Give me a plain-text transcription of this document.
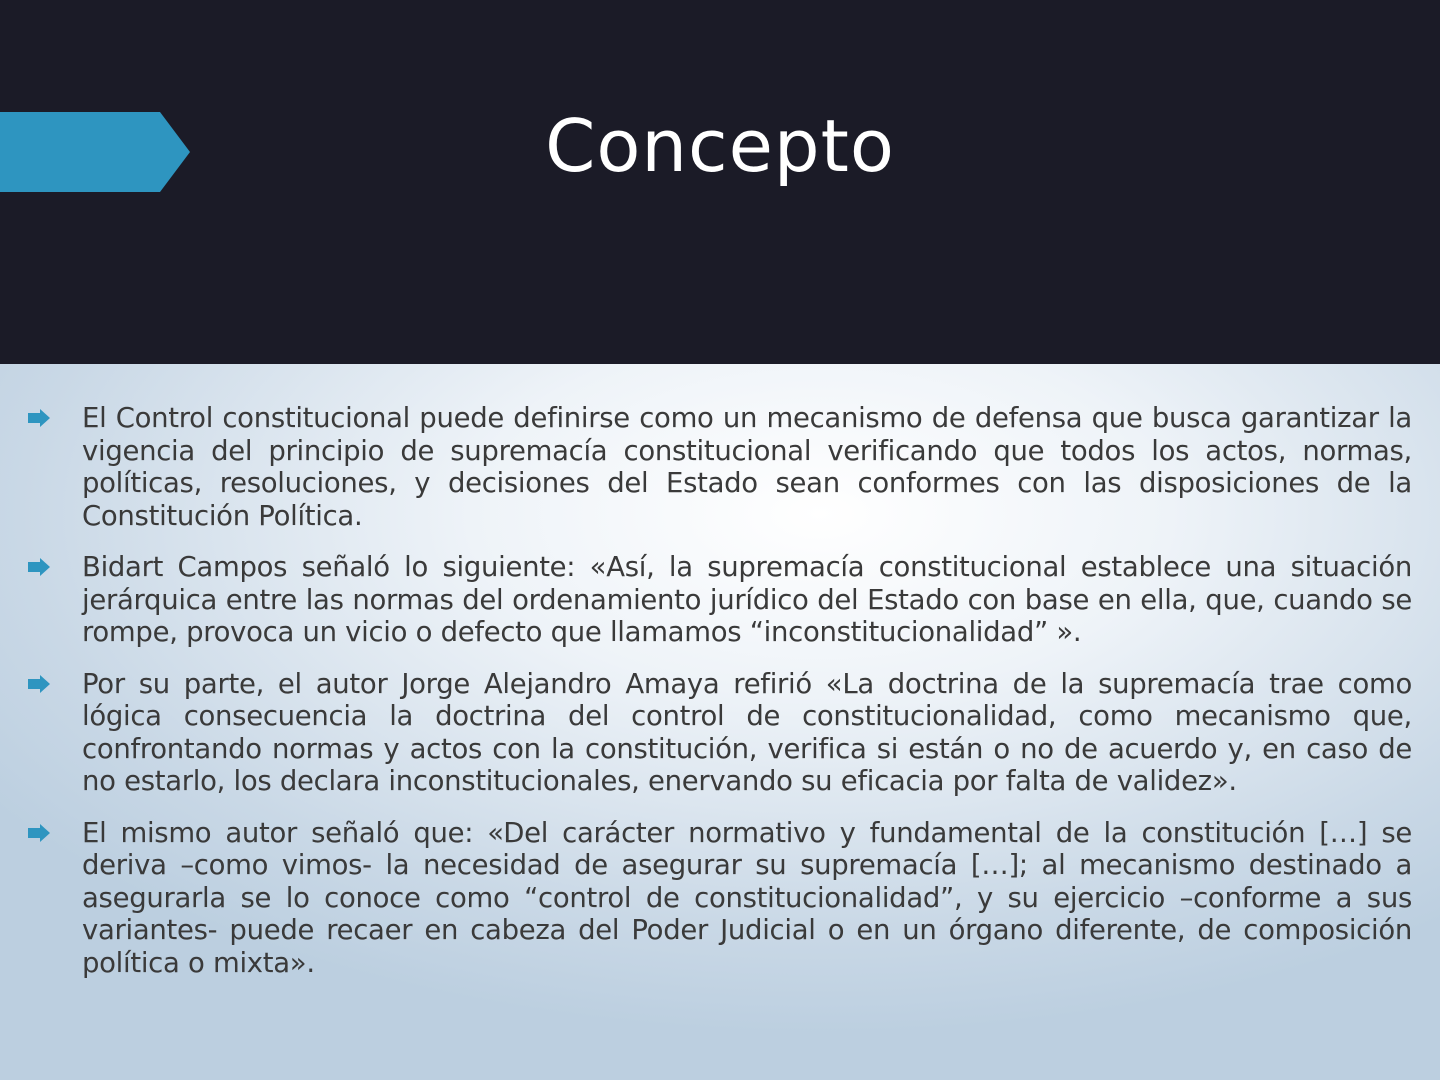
Concepto
El Control constitucional puede definirse como un mecanismo de defensa que busca garantizar la vigencia del principio de supremacía constitucional verificando que todos los actos, normas, políticas, resoluciones, y decisiones del Estado sean conformes con las disposiciones de la Constitución Política.
Bidart Campos señaló lo siguiente: «Así, la supremacía constitucional establece una situación jerárquica entre las normas del ordenamiento jurídico del Estado con base en ella, que, cuando se rompe, provoca un vicio o defecto que llamamos “inconstitucionalidad” ».
Por su parte, el autor Jorge Alejandro Amaya refirió «La doctrina de la supremacía trae como lógica consecuencia la doctrina del control de constitucionalidad, como mecanismo que, confrontando normas y actos con la constitución, verifica si están o no de acuerdo y, en caso de no estarlo, los declara inconstitucionales, enervando su eficacia por falta de validez».
El mismo autor señaló que: «Del carácter normativo y fundamental de la constitución […] se deriva –como vimos- la necesidad de asegurar su supremacía […]; al mecanismo destinado a asegurarla se lo conoce como “control de constitucionalidad”, y su ejercicio –conforme a sus variantes- puede recaer en cabeza del Poder Judicial o en un órgano diferente, de composición política o mixta».
